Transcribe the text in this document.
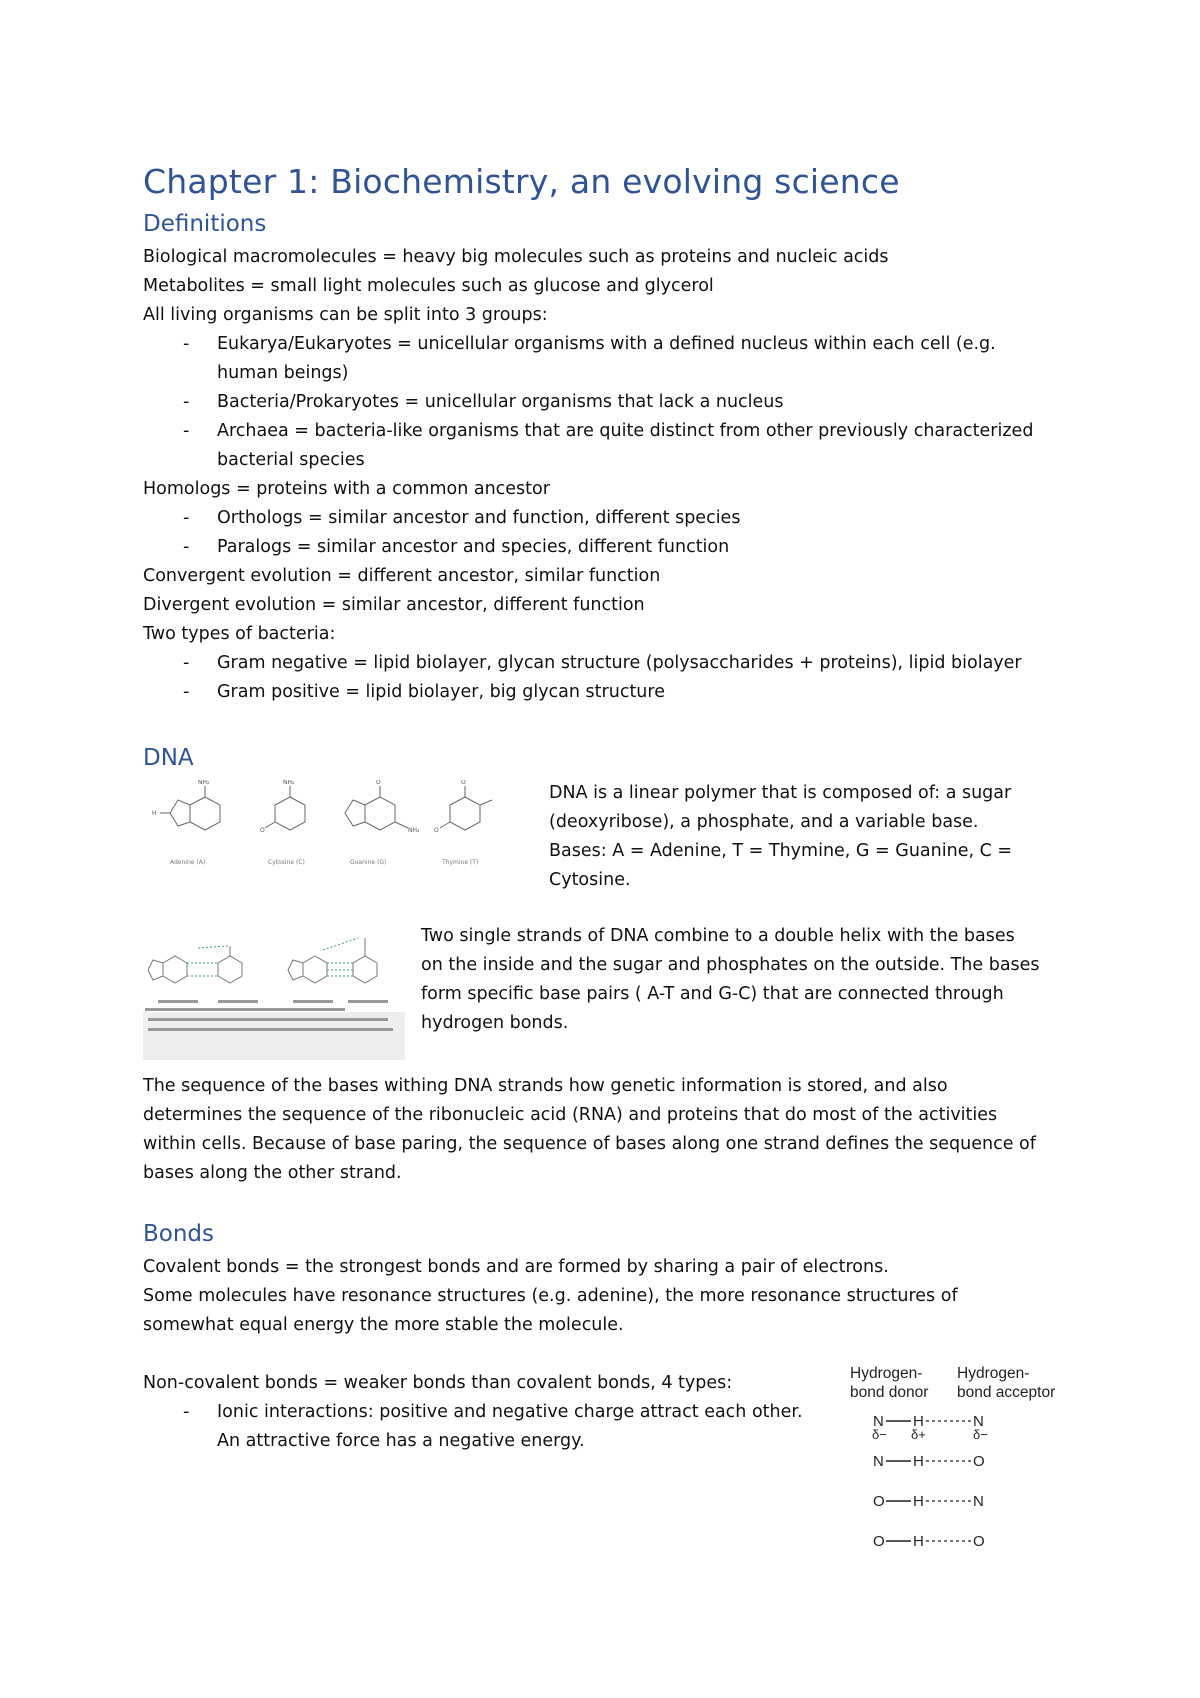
Chapter 1: Biochemistry, an evolving science
Definitions
Biological macromolecules = heavy big molecules such as proteins and nucleic acids
Metabolites = small light molecules such as glucose and glycerol
All living organisms can be split into 3 groups:
- Eukarya/Eukaryotes = unicellular organisms with a defined nucleus within each cell (e.g.
human beings)
- Bacteria/Prokaryotes = unicellular organisms that lack a nucleus
- Archaea = bacteria-like organisms that are quite distinct from other previously characterized
bacterial species
Homologs = proteins with a common ancestor
- Orthologs = similar ancestor and function, different species
- Paralogs = similar ancestor and species, different function
Convergent evolution = different ancestor, similar function
Divergent evolution = similar ancestor, different function
Two types of bacteria:
- Gram negative = lipid biolayer, glycan structure (polysaccharides + proteins), lipid biolayer
- Gram positive = lipid biolayer, big glycan structure
DNA
NH₂	NH₂	O	O
NH₂
O	O
H
Adenine (A)	Cytosine (C)	Guanine (G)	Thymine (T)
DNA is a linear polymer that is composed of: a sugar
(deoxyribose), a phosphate, and a variable base.
Bases: A = Adenine, T = Thymine, G = Guanine, C =
Cytosine.
Two single strands of DNA combine to a double helix with the bases
on the inside and the sugar and phosphates on the outside. The bases
form specific base pairs ( A-T and G-C) that are connected through
hydrogen bonds.
The sequence of the bases withing DNA strands how genetic information is stored, and also
determines the sequence of the ribonucleic acid (RNA) and proteins that do most of the activities
within cells. Because of base paring, the sequence of bases along one strand defines the sequence of
bases along the other strand.
Bonds
Covalent bonds = the strongest bonds and are formed by sharing a pair of electrons.
Some molecules have resonance structures (e.g. adenine), the more resonance structures of
somewhat equal energy the more stable the molecule.
Non-covalent bonds = weaker bonds than covalent bonds, 4 types:
- Ionic interactions: positive and negative charge attract each other.
An attractive force has a negative energy.
Hydrogen-
bond donor
Hydrogen-
bond acceptor
N H	N
N H	O
O H	N
O H	O
δ− δ+	δ−
